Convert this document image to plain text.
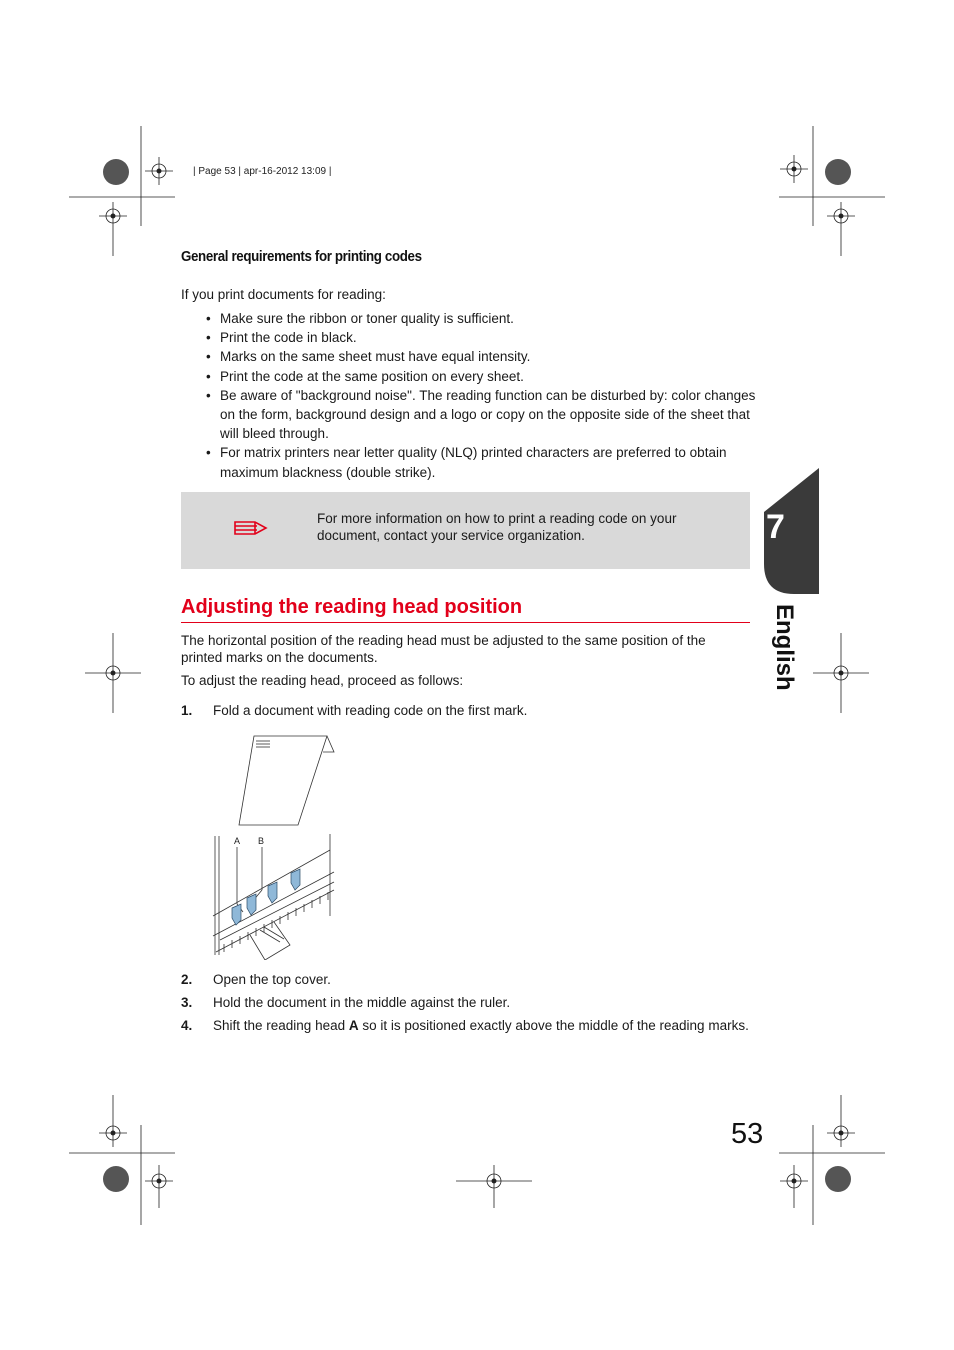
| Page 53 | apr-16-2012 13:09 |
General requirements for printing codes
If you print documents for reading:
• Make sure the ribbon or toner quality is sufficient.
• Print the code in black.
• Marks on the same sheet must have equal intensity.
• Print the code at the same position on every sheet.
• Be aware of "background noise". The reading function can be disturbed by: color changes on the form, background design and a logo or copy on the opposite side of the sheet that will bleed through.
• For matrix printers near letter quality (NLQ) printed characters are preferred to obtain maximum blackness (double strike).
For more information on how to print a reading code on your document, contact your service organization.
Adjusting the reading head position
The horizontal position of the reading head must be adjusted to the same position of the printed marks on the documents.
To adjust the reading head, proceed as follows:
1. Fold a document with reading code on the first mark.
A B
2. Open the top cover.
3. Hold the document in the middle against the ruler.
4. Shift the reading head A so it is positioned exactly above the middle of the reading marks.
7
English
53
